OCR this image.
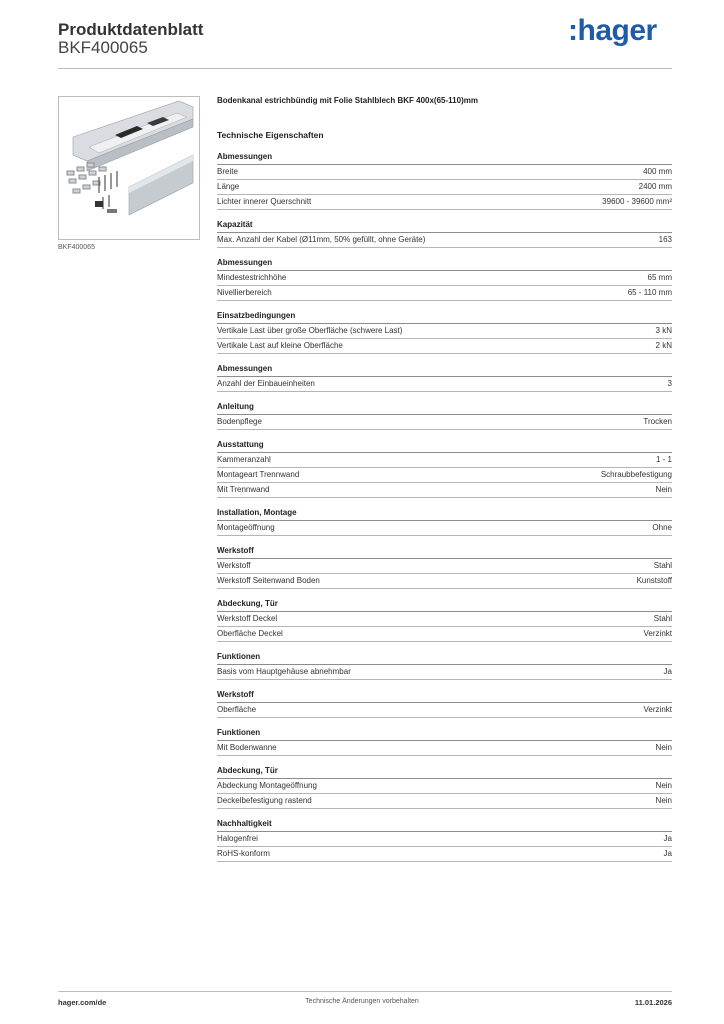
Produktdatenblatt
BKF400065
:hager
BKF400065
Bodenkanal estrichbündig mit Folie Stahlblech BKF 400x(65-110)mm
Technische Eigenschaften
Abmessungen
Breite	400 mm
Länge	2400 mm
Lichter innerer Querschnitt	39600 - 39600 mm²
Kapazität
Max. Anzahl der Kabel (Ø11mm, 50% gefüllt, ohne Geräte)	163
Abmessungen
Mindestestrichhöhe	65 mm
Nivellierbereich	65 - 110 mm
Einsatzbedingungen
Vertikale Last über große Oberfläche (schwere Last)	3 kN
Vertikale Last auf kleine Oberfläche	2 kN
Abmessungen
Anzahl der Einbaueinheiten	3
Anleitung
Bodenpflege	Trocken
Ausstattung
Kammeranzahl	1 - 1
Montageart Trennwand	Schraubbefestigung
Mit Trennwand	Nein
Installation, Montage
Montageöffnung	Ohne
Werkstoff
Werkstoff	Stahl
Werkstoff Seitenwand Boden	Kunststoff
Abdeckung, Tür
Werkstoff Deckel	Stahl
Oberfläche Deckel	Verzinkt
Funktionen
Basis vom Hauptgehäuse abnehmbar	Ja
Werkstoff
Oberfläche	Verzinkt
Funktionen
Mit Bodenwanne	Nein
Abdeckung, Tür
Abdeckung Montageöffnung	Nein
Deckelbefestigung rastend	Nein
Nachhaltigkeit
Halogenfrei	Ja
RoHS-konform	Ja
hager.com/de	Technische Änderungen vorbehalten	11.01.2026
